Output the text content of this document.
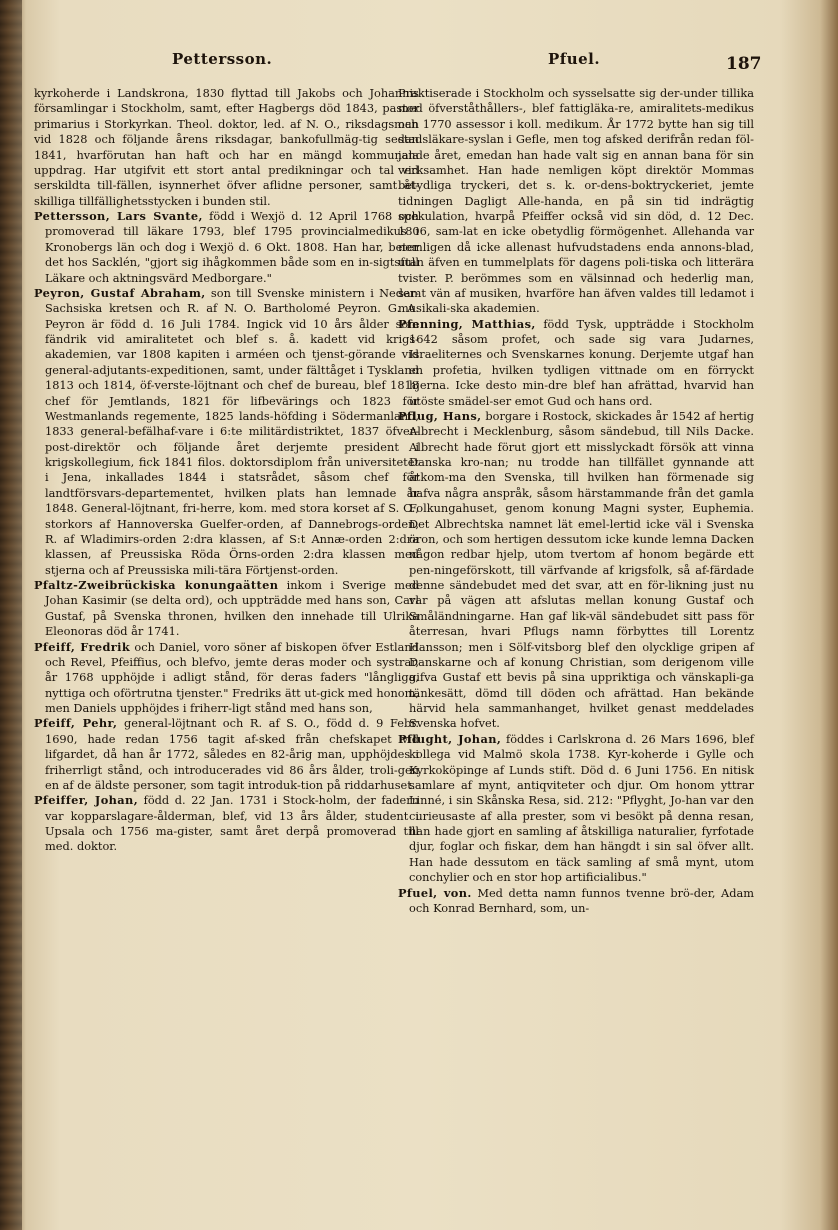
Pettersson.	Pfuel.	187

kyrkoherde i Landskrona, 1830 flyttad till Jakobs och Johannis församlingar i Stockholm, samt, efter Hagbergs död 1843, pastor primarius i Storkyrkan. Theol. doktor, led. af N. O., riksdagsman vid 1828 och följande årens riksdagar, bankofullmäg-tig sedan 1841, hvarförutan han haft och har en mängd kommunala uppdrag. Har utgifvit ett stort antal predikningar och tal vid serskildta till-fällen, isynnerhet öfver aflidne personer, samt åt-skilliga tillfällighetsstycken i bunden stil.

Pettersson, Lars Svante, född i Wexjö d. 12 April 1768 och promoverad till läkare 1793, blef 1795 provincialmedikus i Kronobergs län och dog i Wexjö d. 6 Okt. 1808. Han har, beter det hos Sacklén, "gjort sig ihågkommen både som en in-sigtsfull Läkare och aktningsvärd Medborgare."

Peyron, Gustaf Abraham, son till Svenske ministern i Neder-Sachsiska kretsen och R. af N. O. Bartholomé Peyron. G. A. Peyron är född d. 16 Juli 1784. Ingick vid 10 års ålder som fändrik vid amiralitetet och blef s. å. kadett vid krigs-akademien, var 1808 kapiten i arméen och tjenst-görande vid general-adjutants-expeditionen, samt, under fälttåget i Tyskland 1813 och 1814, öf-verste-löjtnant och chef de bureau, blef 1818 chef för Jemtlands, 1821 för lifbevärings och 1823 för Westmanlands regemente, 1825 lands-höfding i Södermanland, 1833 general-befälhaf-vare i 6:te militärdistriktet, 1837 öfver-post-direktör och följande året derjemte president i krigskollegium, fick 1841 filos. doktorsdiplom från universitetet i Jena, inkallades 1844 i statsrådet, såsom chef för landtförsvars-departementet, hvilken plats han lemnade år 1848. General-löjtnant, fri-herre, kom. med stora korset af S. O., storkors af Hannoverska Guelfer-orden, af Dannebrogs-orden, R. af Wladimirs-orden 2:dra klassen, af S:t Annæ-orden 2:dra klassen, af Preussiska Röda Örns-orden 2:dra klassen med stjerna och af Preussiska mili-tära Förtjenst-orden.

Pfaltz-Zweibrückiska konungaätten inkom i Sverige med Johan Kasimir (se delta ord), och uppträdde med hans son, Carl Gustaf, på Svenska thronen, hvilken den innehade till Ulrika Eleonoras död år 1741.

Pfeiff, Fredrik och Daniel, voro söner af biskopen öfver Estland och Revel, Pfeiffius, och blefvo, jemte deras moder och systrar, år 1768 upphöjde i adligt stånd, för deras faders "långliga, nyttiga och oförtrutna tjenster." Fredriks ätt ut-gick med honom, men Daniels upphöjdes i friherr-ligt stånd med hans son,

Pfeiff, Pehr, general-löjtnant och R. af S. O., född d. 9 Febr. 1690, hade redan 1756 tagit af-sked från chefskapet vid lifgardet, då han år 1772, således en 82-årig man, upphöjdes i friherrligt stånd, och introducerades vid 86 års ålder, troli-gen en af de äldste personer, som tagit introduk-tion på riddarhuset.

Pfeiffer, Johan, född d. 22 Jan. 1731 i Stock-holm, der fadern var kopparslagare-ålderman, blef, vid 13 års ålder, student i Upsala och 1756 ma-gister, samt året derpå promoverad till med. doktor.

Praktiserade i Stockholm och sysselsatte sig der-under tillika med öfverståthållers-, blef fattigläka-re, amiralitets-medikus och 1770 assessor i koll. medikum. År 1772 bytte han sig till stadsläkare-syslan i Gefle, men tog afsked derifrån redan föl-jande året, emedan han hade valt sig en annan bana för sin verksamhet. Han hade nemligen köpt direktör Mommas betydliga tryckeri, det s. k. or-dens-boktryckeriet, jemte tidningen Dagligt Alle-handa, en på sin tid indrägtig spekulation, hvarpå Pfeiffer också vid sin död, d. 12 Dec. 1806, sam-lat en icke obetydlig förmögenhet. Allehanda var nemligen då icke allenast hufvudstadens enda annons-blad, utan äfven en tummelplats för dagens poli-tiska och litterära tvister. P. berömmes som en välsinnad och hederlig man, samt vän af musiken, hvarföre han äfven valdes till ledamot i musikali-ska akademien.

Pfenning, Matthias, född Tysk, uppträdde i Stockholm 1642 såsom profet, och sade sig vara Judarnes, Israeliternes och Svenskarnes konung. Derjemte utgaf han en profetia, hvilken tydligen vittnade om en förryckt hjerna. Icke desto min-dre blef han afrättad, hvarvid han utöste smädel-ser emot Gud och hans ord.

Pflug, Hans, borgare i Rostock, skickades år 1542 af hertig Albrecht i Mecklenburg, såsom sändebud, till Nils Dacke. Albrecht hade förut gjort ett misslyckadt försök att vinna Danska kro-nan; nu trodde han tillfället gynnande att åtkom-ma den Svenska, till hvilken han förmenade sig hafva några anspråk, såsom härstammande från det gamla Folkungahuset, genom konung Magni syster, Euphemia. Det Albrechtska namnet lät emel-lertid icke väl i Svenska öron, och som hertigen dessutom icke kunde lemna Dacken någon redbar hjelp, utom tvertom af honom begärde ett pen-ningeförskott, till värfvande af krigsfolk, så af-färdade denne sändebudet med det svar, att en för-likning just nu var på vägen att afslutas mellan konung Gustaf och Småländningarne. Han gaf lik-väl sändebudet sitt pass för återresan, hvari Pflugs namn förbyttes till Lorentz Hansson; men i Sölf-vitsborg blef den olycklige gripen af Danskarne och af konung Christian, som derigenom ville gifva Gustaf ett bevis på sina uppriktiga och vänskapli-ga tänkesätt, dömd till döden och afrättad. Han bekände härvid hela sammanhanget, hvilket genast meddelades Svenska hofvet.

Pflught, Johan, föddes i Carlskrona d. 26 Mars 1696, blef kollega vid Malmö skola 1738. Kyr-koherde i Gylle och Kyrkoköpinge af Lunds stift. Död d. 6 Juni 1756. En nitisk samlare af mynt, antiqviteter och djur. Om honom yttrar Linné, i sin Skånska Resa, sid. 212: "Pflyght, Jo-han var den curieusaste af alla prester, som vi besökt på denna resan, han hade gjort en samling af åtskilliga naturalier, fyrfotade djur, foglar och fiskar, dem han hängdt i sin sal öfver allt. Han hade dessutom en täck samling af små mynt, utom conchylier och en stor hop artificialibus."

Pfuel, von. Med detta namn funnos tvenne brö-der, Adam och Konrad Bernhard, som, un-
